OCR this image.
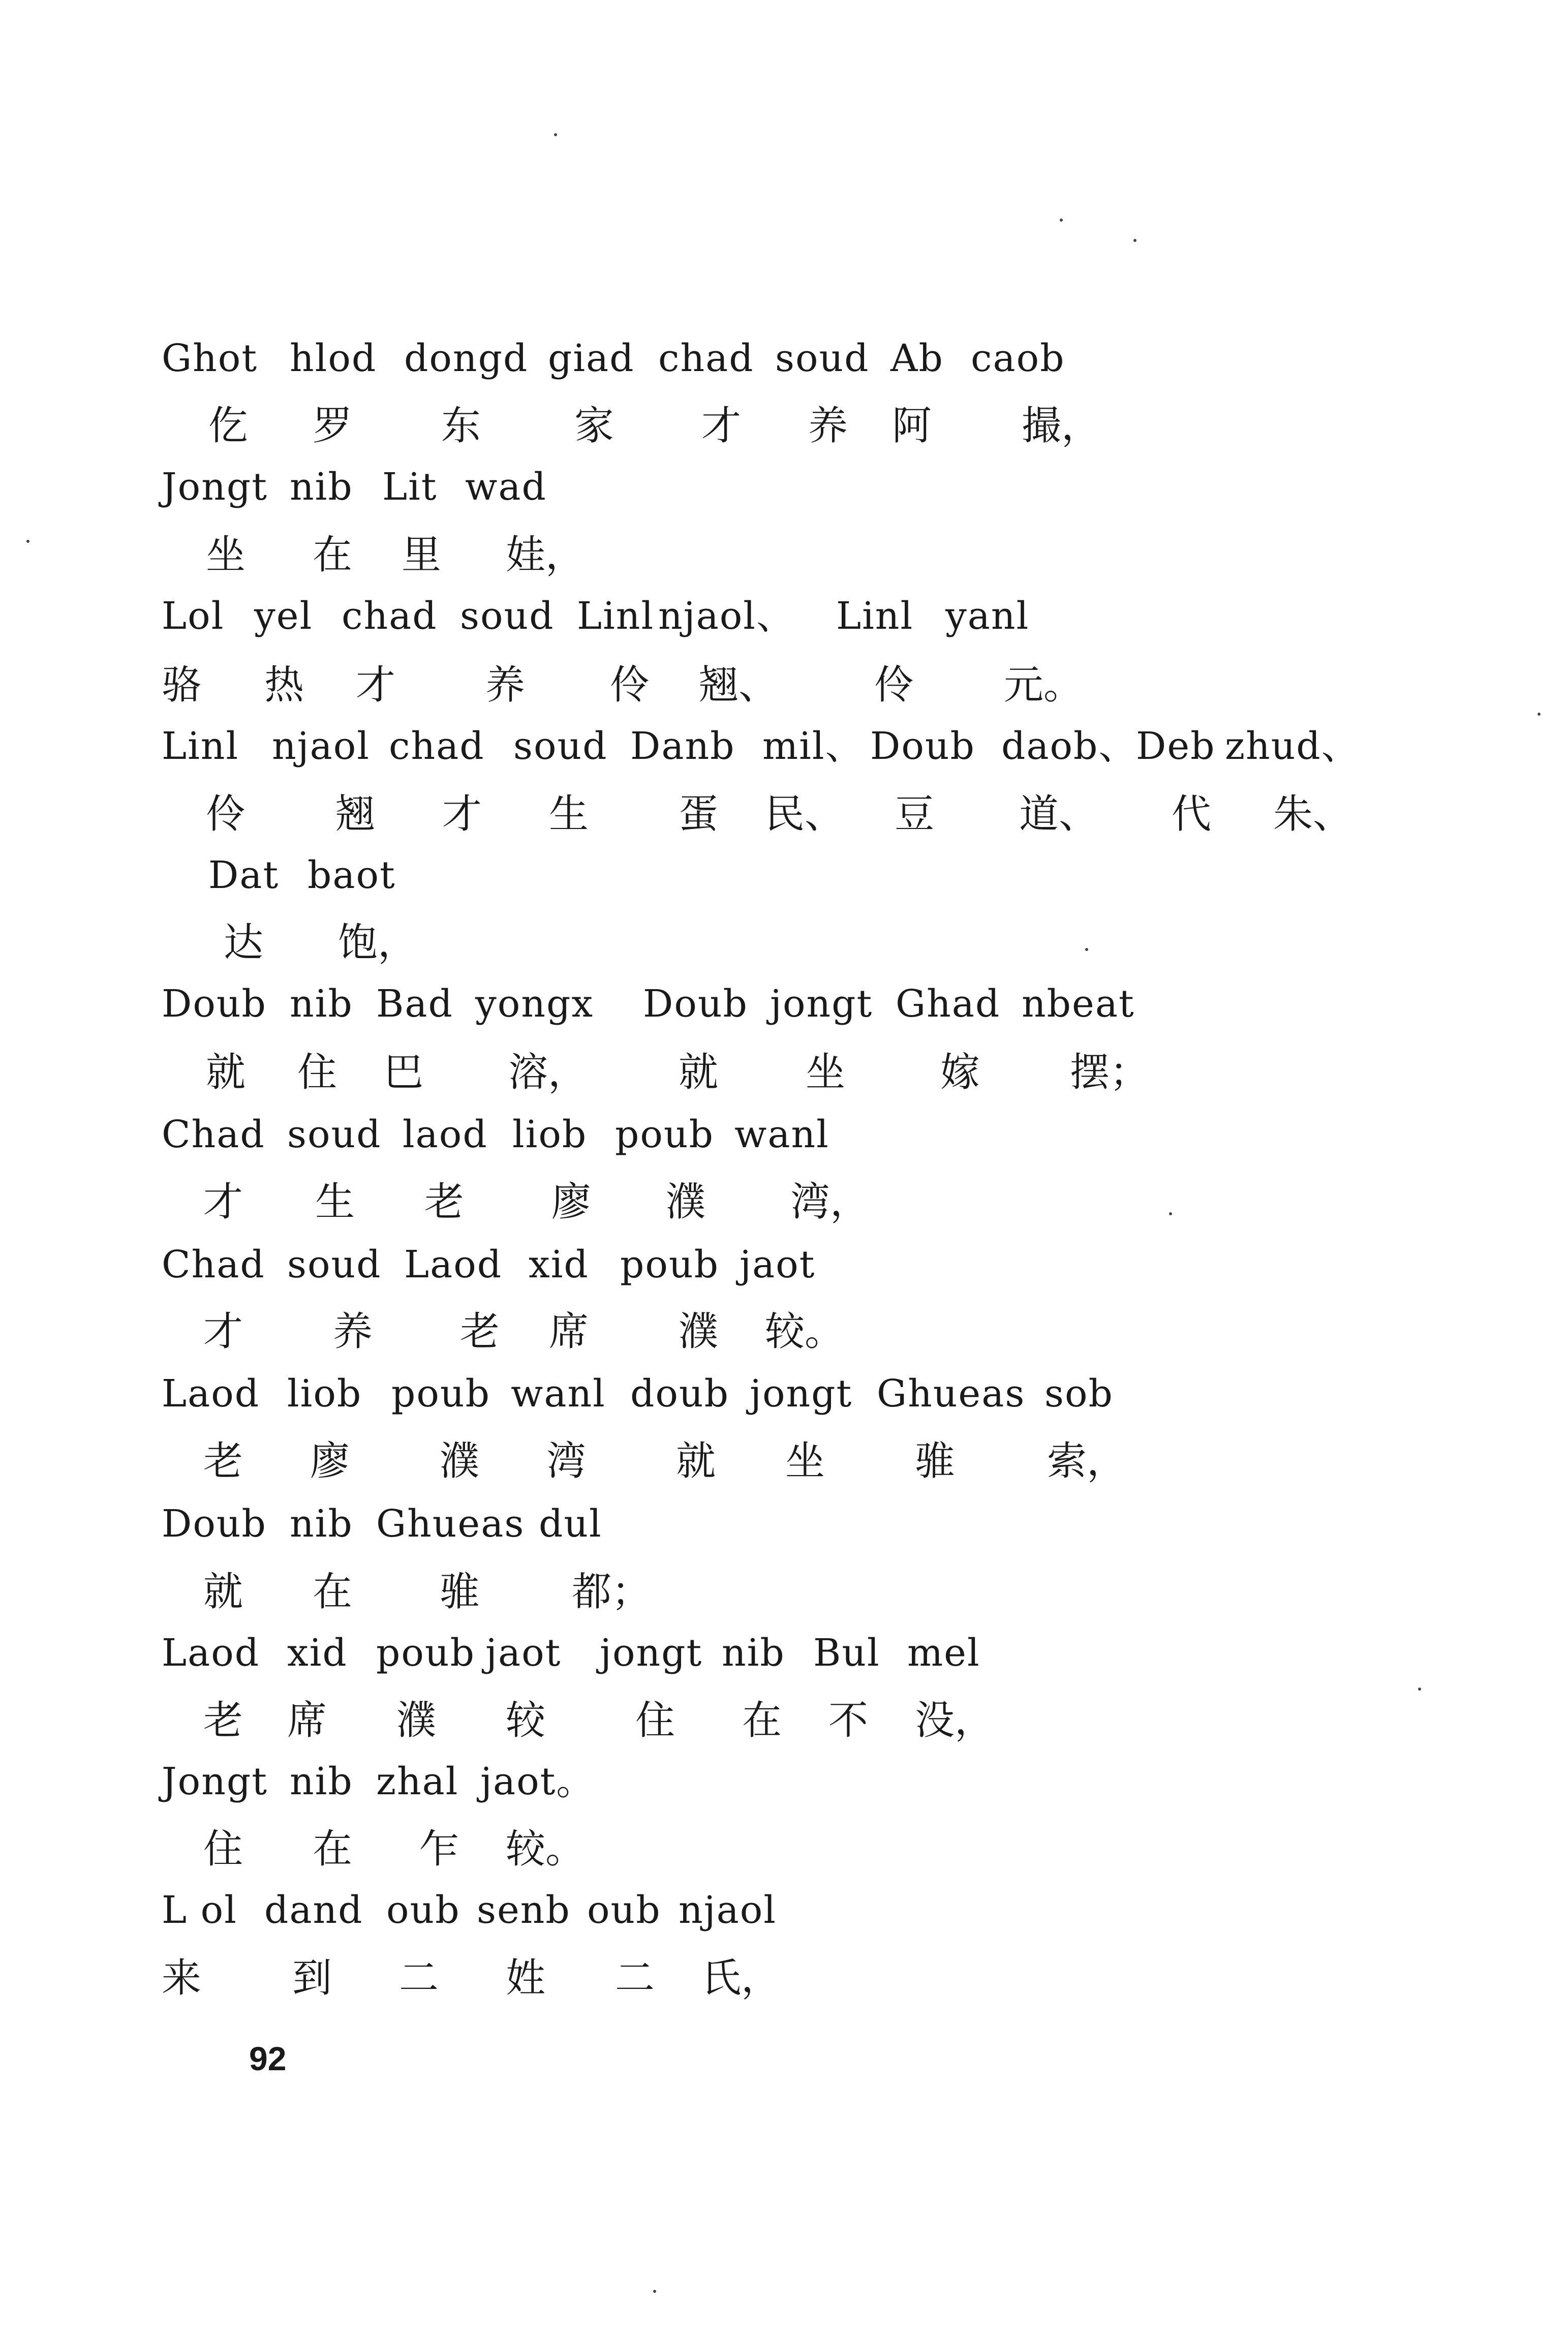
Ghot hlod dongd giad chad soud Ab caob
仡 罗 东 家 才 养 阿 撮，
Jongt nib Lit wad
坐 在 里 娃，
Lol yel chad soud Linl njaol、 Linl yanl
骆 热 才 养 伶 翘、 伶 元。
Linl njaol chad soud Danb mil、 Doub daob、
Deb zhud、
伶 翘 才 生 蛋 民、 豆 道、 代 朱、
Dat baot
达 饱，
Doub nib Bad yongx Doub jongt Ghad nbeat
就 住 巴 溶， 就 坐 嫁 摆；
Chad soud laod liob poub wanl
才 生 老 廖 濮 湾，
Chad soud Laod xid poub jaot
才 养 老 席 濮 较。
Laod liob poub wanl doub jongt Ghueas sob
老 廖 濮 湾 就 坐 骓 索，
Doub nib Ghueas dul
就 在 骓 都；
Laod xid poub jaot jongt nib Bul mel
老 席 濮 较 住 在 不 没，
Jongt nib zhal jaot。
住 在 乍 较。
L ol dand oub senb oub njaol
来 到 二 姓 二 氏，
92
